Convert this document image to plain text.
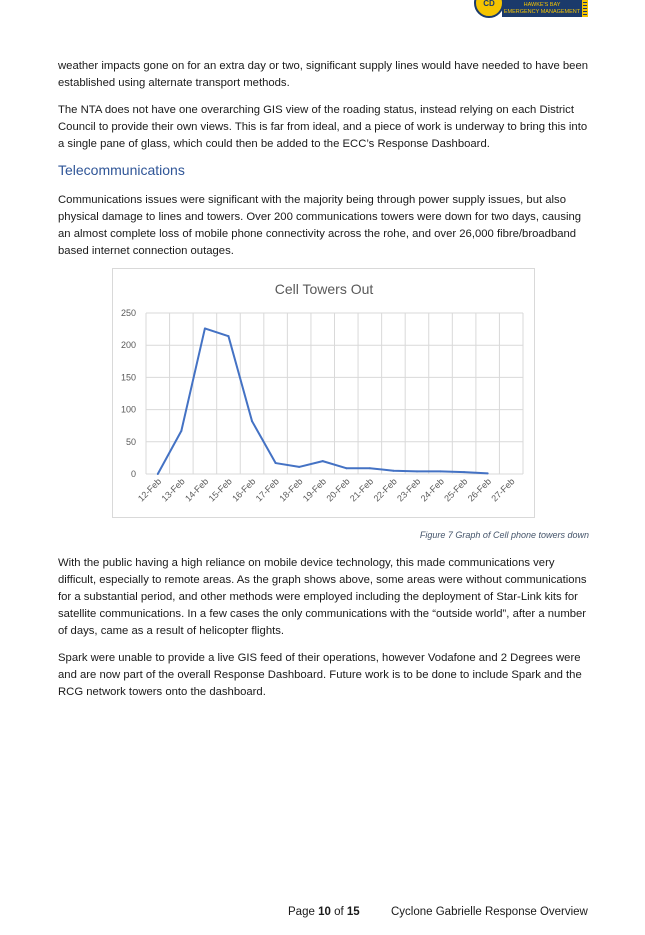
CD	HAWKE'S BAY
EMERGENCY MANAGEMENT

weather impacts gone on for an extra day or two, significant supply lines would have needed to have been established using alternate transport methods.

The NTA does not have one overarching GIS view of the roading status, instead relying on each District Council to provide their own views. This is far from ideal, and a piece of work is underway to bring this into a single pane of glass, which could then be added to the ECC’s Response Dashboard.

Telecommunications

Communications issues were significant with the majority being through power supply issues, but also physical damage to lines and towers. Over 200 communications towers were down for two days, causing an almost complete loss of mobile phone connectivity across the rohe, and over 26,000 fibre/broadband based internet connection outages.

Cell Towers Out
0
50
100
150
200
250
12-Feb
13-Feb
14-Feb
15-Feb
16-Feb
17-Feb
18-Feb
19-Feb
20-Feb
21-Feb
22-Feb
23-Feb
24-Feb
25-Feb
26-Feb
27-Feb
Figure 7 Graph of Cell phone towers down

With the public having a high reliance on mobile device technology, this made communications very difficult, especially to remote areas. As the graph shows above, some areas were without communications for a substantial period, and other methods were employed including the deployment of Star-Link kits for satellite communications. In a few cases the only communications with the “outside world”, after a number of days, came as a result of helicopter flights.

Spark were unable to provide a live GIS feed of their operations, however Vodafone and 2 Degrees were and are now part of the overall Response Dashboard. Future work is to be done to include Spark and the RCG network towers onto the dashboard.

Page 10 of 15	Cyclone Gabrielle Response Overview
